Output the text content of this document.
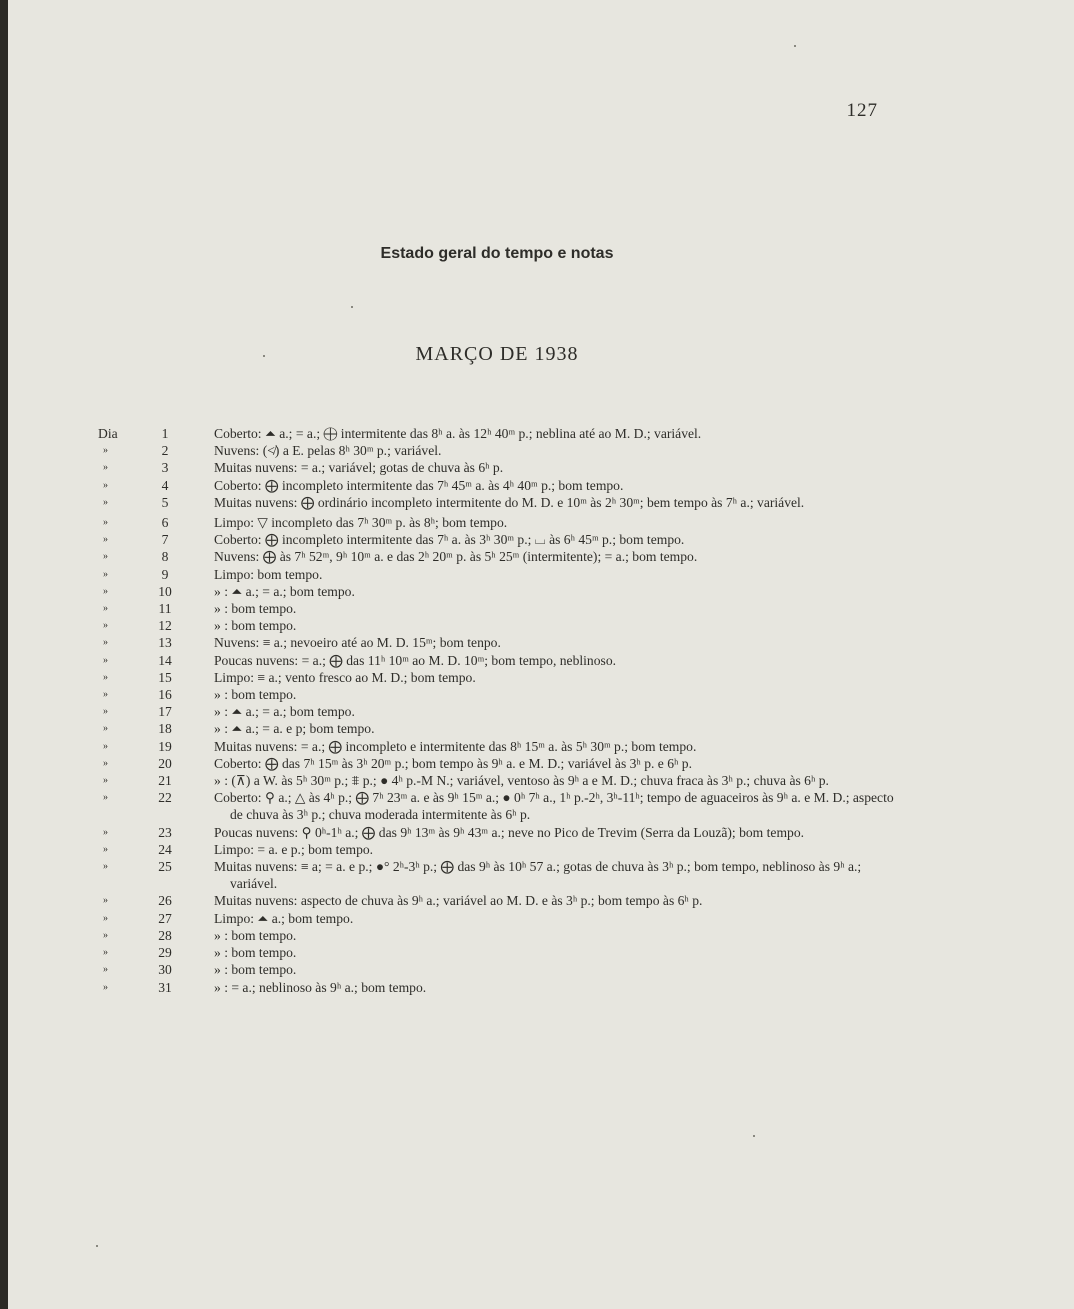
127
Estado geral do tempo e notas
MARÇO DE 1938
Dia	1	Coberto: ⏶ a.; = a.; ⨁ intermitente das 8ʰ a. às 12ʰ 40ᵐ p.; neblina até ao M. D.; variável.
»	2	Nuvens: (≮) a E. pelas 8ʰ 30ᵐ p.; variável.
»	3	Muitas nuvens: = a.; variável; gotas de chuva às 6ʰ p.
»	4	Coberto: ⨁ incompleto intermitente das 7ʰ 45ᵐ a. às 4ʰ 40ᵐ p.; bom tempo.
»	5	Muitas nuvens: ⨁ ordinário incompleto intermitente do M. D. e 10ᵐ às 2ʰ 30ᵐ; bem tempo às 7ʰ a.; variável.
»	6	Limpo: ▽ incompleto das 7ʰ 30ᵐ p. às 8ʰ; bom tempo.
»	7	Coberto: ⨁ incompleto intermitente das 7ʰ a. às 3ʰ 30ᵐ p.; ⌴ às 6ʰ 45ᵐ p.; bom tempo.
»	8	Nuvens: ⨁ às 7ʰ 52ᵐ, 9ʰ 10ᵐ a. e das 2ʰ 20ᵐ p. às 5ʰ 25ᵐ (intermitente); = a.; bom tempo.
»	9	Limpo: bom tempo.
»	10	» : ⏶ a.; = a.; bom tempo.
»	11	» : bom tempo.
»	12	» : bom tempo.
»	13	Nuvens: ≡ a.; nevoeiro até ao M. D. 15ᵐ; bom tenpo.
»	14	Poucas nuvens: = a.; ⨁ das 11ʰ 10ᵐ ao M. D. 10ᵐ; bom tempo, neblinoso.
»	15	Limpo: ≡ a.; vento fresco ao M. D.; bom tempo.
»	16	» : bom tempo.
»	17	» : ⏶ a.; = a.; bom tempo.
»	18	» : ⏶ a.; = a. e p; bom tempo.
»	19	Muitas nuvens: = a.; ⨁ incompleto e intermitente das 8ʰ 15ᵐ a. às 5ʰ 30ᵐ p.; bom tempo.
»	20	Coberto: ⨁ das 7ʰ 15ᵐ às 3ʰ 20ᵐ p.; bom tempo às 9ʰ a. e M. D.; variável às 3ʰ p. e 6ʰ p.
»	21	» : (⊼) a W. às 5ʰ 30ᵐ p.; ⩨ p.; ● 4ʰ p.-M N.; variável, ventoso às 9ʰ a e M. D.; chuva fraca às 3ʰ p.; chuva às 6ʰ p.
»	22	Coberto: ⚲ a.; △ às 4ʰ p.; ⨁ 7ʰ 23ᵐ a. e às 9ʰ 15ᵐ a.; ● 0ʰ 7ʰ a., 1ʰ p.-2ʰ, 3ʰ-11ʰ; tempo de aguaceiros às 9ʰ a. e M. D.; aspecto de chuva às 3ʰ p.; chuva moderada intermitente às 6ʰ p.
»	23	Poucas nuvens: ⚲ 0ʰ-1ʰ a.; ⨁ das 9ʰ 13ᵐ às 9ʰ 43ᵐ a.; neve no Pico de Trevim (Serra da Louzã); bom tempo.
»	24	Limpo: = a. e p.; bom tempo.
»	25	Muitas nuvens: ≡ a; = a. e p.; ●° 2ʰ-3ʰ p.; ⨁ das 9ʰ às 10ʰ 57 a.; gotas de chuva às 3ʰ p.; bom tempo, neblinoso às 9ʰ a.; variável.
»	26	Muitas nuvens: aspecto de chuva às 9ʰ a.; variável ao M. D. e às 3ʰ p.; bom tempo às 6ʰ p.
»	27	Limpo: ⏶ a.; bom tempo.
»	28	» : bom tempo.
»	29	» : bom tempo.
»	30	» : bom tempo.
»	31	» : = a.; neblinoso às 9ʰ a.; bom tempo.
